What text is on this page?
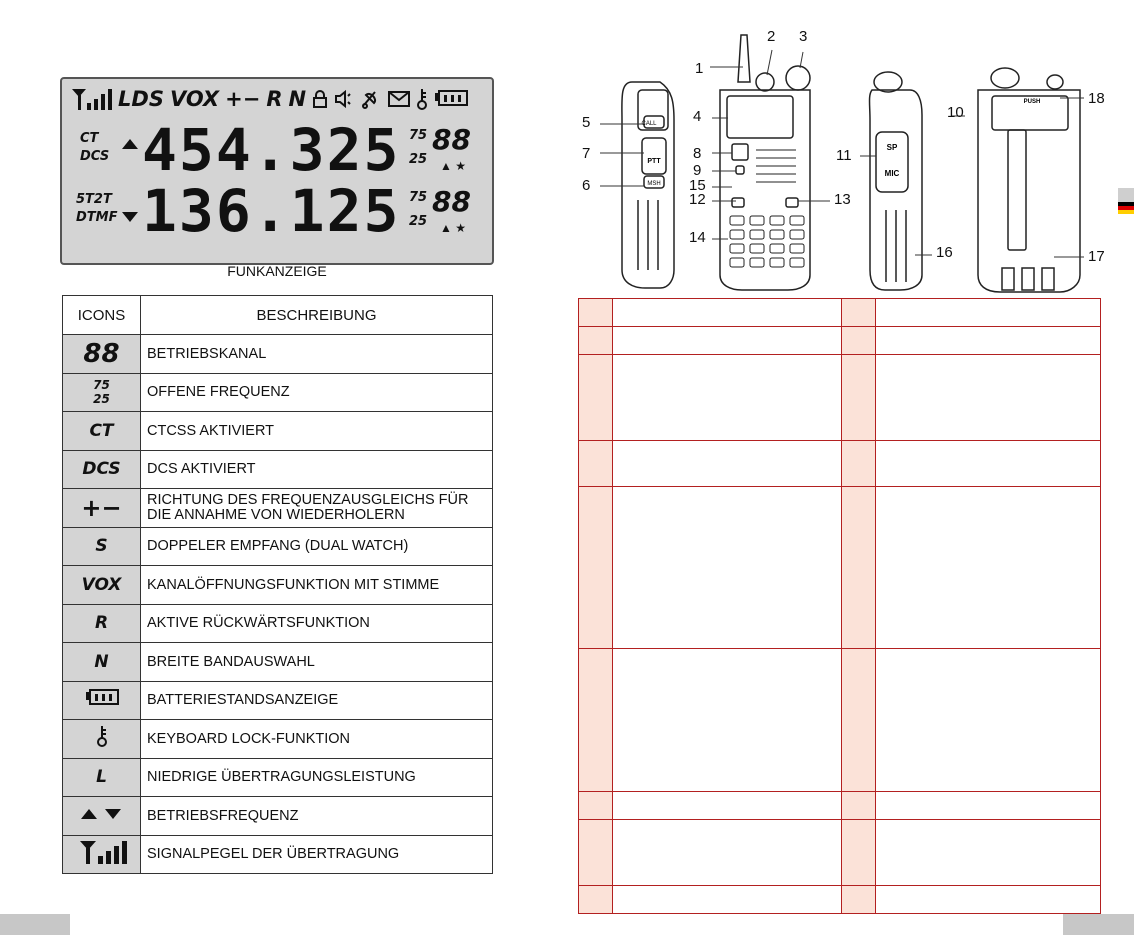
LDS VOX +− R N
CT
DCS 454.325 75
25
88
▲ ★
5T2T
DTMF 136.125 75
25
88
▲ ★
FUNKANZEIGE
ICONS	BESCHREIBUNG
88	BETRIEBSKANAL
75
25	OFFENE FREQUENZ
CT	CTCSS AKTIVIERT
DCS	DCS AKTIVIERT
+−	RICHTUNG DES FREQUENZAUSGLEICHS FÜR DIE ANNAHME VON WIEDERHOLERN
S	DOPPELER EMPFANG (DUAL WATCH)
VOX	KANALÖFFNUNGSFUNKTION MIT STIMME
R	AKTIVE RÜCKWÄRTSFUNKTION
N	BREITE BANDAUSWAHL
	BATTERIESTANDSANZEIGE
	KEYBOARD LOCK-FUNKTION
L	NIEDRIGE ÜBERTRAGUNGSLEISTUNG
	BETRIEBSFREQUENZ
	SIGNALPEGEL DER ÜBERTRAGUNG
CALL
PTT
MSH
SP
MIC
PUSH
1
2 3
4
5
6
7	8
9
10
11
12	13
14
15
16	17
18
